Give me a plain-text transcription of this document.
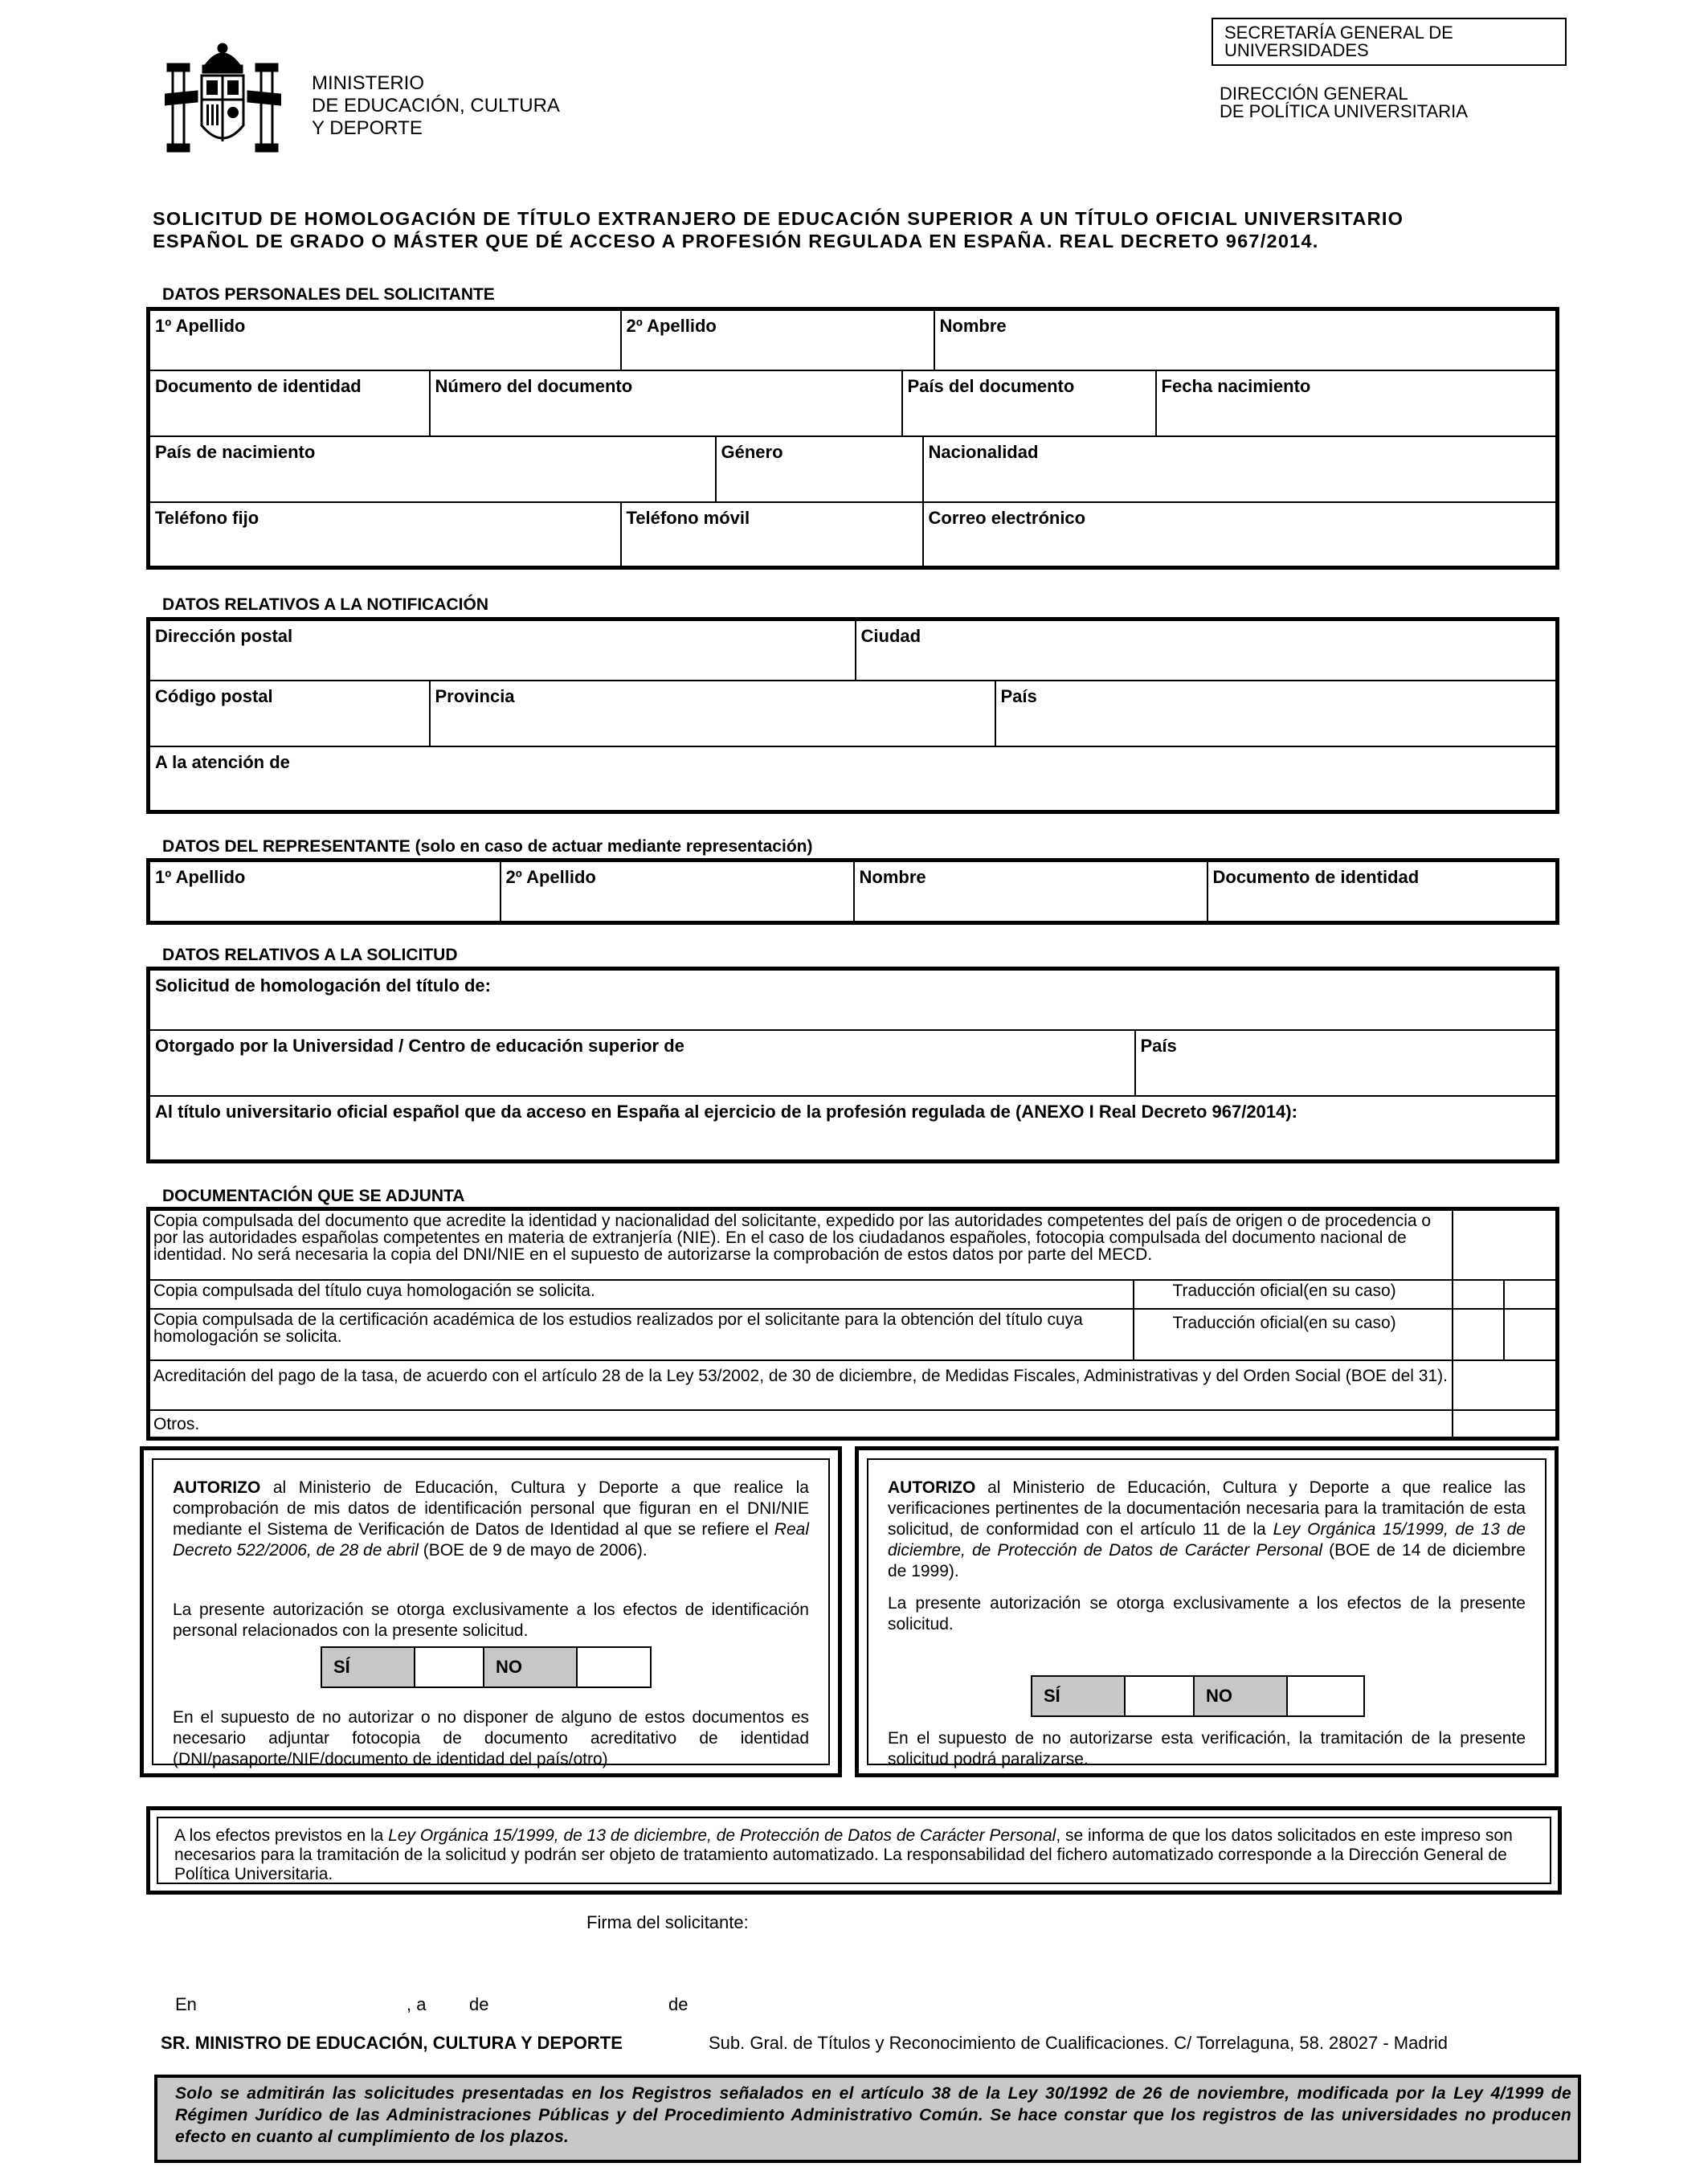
MINISTERIO
DE EDUCACIÓN, CULTURA
Y DEPORTE
SECRETARÍA GENERAL DE
UNIVERSIDADES
DIRECCIÓN GENERAL
DE POLÍTICA UNIVERSITARIA
SOLICITUD DE HOMOLOGACIÓN DE TÍTULO EXTRANJERO DE EDUCACIÓN SUPERIOR A UN TÍTULO OFICIAL UNIVERSITARIO
ESPAÑOL DE GRADO O MÁSTER QUE DÉ ACCESO A PROFESIÓN REGULADA EN ESPAÑA. REAL DECRETO 967/2014.
DATOS PERSONALES DEL SOLICITANTE
1º Apellido		2º Apellido				Nombre	
Documento de identidad	Número del documento			País del documento			Fecha nacimiento
País de nacimiento			Género		Nacionalidad		
Teléfono fijo		Teléfono móvil			Correo electrónico		
DATOS RELATIVOS A LA NOTIFICACIÓN
Dirección postal		Ciudad	
Código postal	Provincia		País
A la atención de			
DATOS DEL REPRESENTANTE (solo en caso de actuar mediante representación)
1º Apellido	2º Apellido	Nombre	Documento de identidad
DATOS RELATIVOS A LA SOLICITUD
Solicitud de homologación del título de:
Otorgado por la Universidad / Centro de educación superior de	País
Al título universitario oficial español que da acceso en España al ejercicio de la profesión regulada de (ANEXO I Real Decreto 967/2014):
DOCUMENTACIÓN QUE SE ADJUNTA
Copia compulsada del documento que acredite la identidad y nacionalidad del solicitante, expedido por las autoridades competentes del país de origen o de procedencia o por las autoridades españolas competentes en materia de extranjería (NIE). En el caso de los ciudadanos españoles, fotocopia compulsada del documento nacional de identidad. No será necesaria la copia del DNI/NIE en el supuesto de autorizarse la comprobación de estos datos por parte del MECD.			
Copia compulsada del título cuya homologación se solicita.	Traducción oficial(en su caso)		
Copia compulsada de la certificación académica de los estudios realizados por el solicitante para la obtención del título cuya homologación se solicita.	Traducción oficial(en su caso)		
Acreditación del pago de la tasa, de acuerdo con el artículo 28 de la Ley 53/2002, de 30 de diciembre, de Medidas Fiscales, Administrativas y del Orden Social (BOE del 31).			
Otros.			

AUTORIZO al Ministerio de Educación, Cultura y Deporte a que realice la comprobación de mis datos de identificación personal que figuran en el DNI/NIE mediante el Sistema de Verificación de Datos de Identidad al que se refiere el Real Decreto 522/2006, de 28 de abril (BOE de 9 de mayo de 2006).

La presente autorización se otorga exclusivamente a los efectos de identificación personal relacionados con la presente solicitud.

SÍ		NO	

En el supuesto de no autorizar o no disponer de alguno de estos documentos es necesario adjuntar fotocopia de documento acreditativo de identidad (DNI/pasaporte/NIE/documento de identidad del país/otro)

AUTORIZO al Ministerio de Educación, Cultura y Deporte a que realice las verificaciones pertinentes de la documentación necesaria para la tramitación de esta solicitud, de conformidad con el artículo 11 de la Ley Orgánica 15/1999, de 13 de diciembre, de Protección de Datos de Carácter Personal (BOE de 14 de diciembre de 1999).

La presente autorización se otorga exclusivamente a los efectos de la presente solicitud.

SÍ		NO	

En el supuesto de no autorizarse esta verificación, la tramitación de la presente solicitud podrá paralizarse.

A los efectos previstos en la Ley Orgánica 15/1999, de 13 de diciembre, de Protección de Datos de Carácter Personal, se informa de que los datos solicitados en este impreso son necesarios para la tramitación de la solicitud y podrán ser objeto de tratamiento automatizado. La responsabilidad del fichero automatizado corresponde a la Dirección General de Política Universitaria.

Firma del solicitante:
En	, a de	de
SR. MINISTRO DE EDUCACIÓN, CULTURA Y DEPORTE	Sub. Gral. de Títulos y Reconocimiento de Cualificaciones. C/ Torrelaguna, 58. 28027 - Madrid

Solo se admitirán las solicitudes presentadas en los Registros señalados en el artículo 38 de la Ley 30/1992 de 26 de noviembre, modificada por la Ley 4/1999 de Régimen Jurídico de las Administraciones Públicas y del Procedimiento Administrativo Común. Se hace constar que los registros de las universidades no producen efecto en cuanto al cumplimiento de los plazos.
